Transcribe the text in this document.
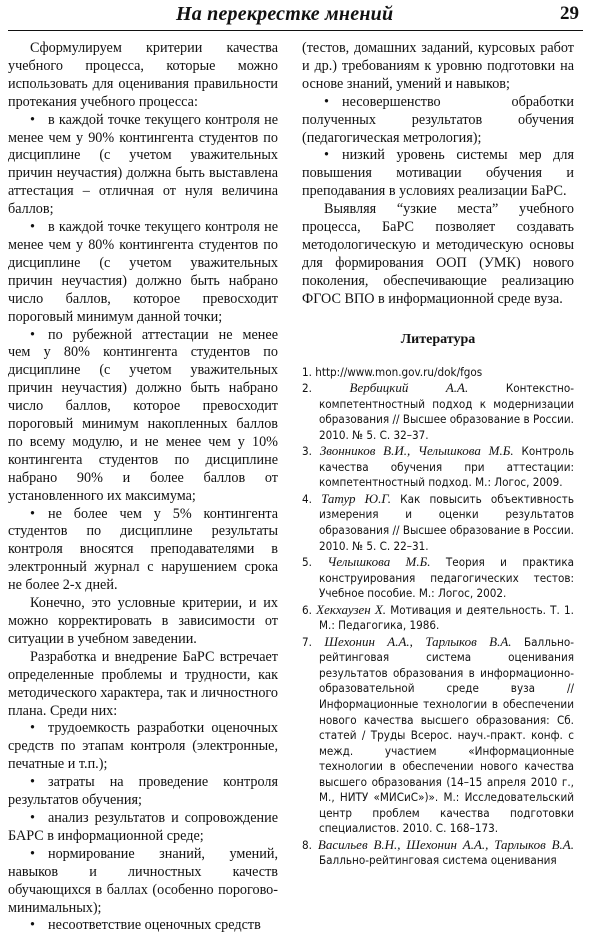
На перекрестке мнений	29

Сформулируем критерии качества учебного процесса, которые можно использовать для оценивания правильности протекания учебного процесса:

• в каждой точке текущего контроля не менее чем у 90% контингента студентов по дисциплине (с учетом уважительных причин неучастия) должна быть выставлена аттестация – отличная от нуля величина баллов;

• в каждой точке текущего контроля не менее чем у 80% контингента студентов по дисциплине (с учетом уважительных причин неучастия) должно быть набрано число баллов, которое превосходит пороговый минимум данной точки;

• по рубежной аттестации не менее чем у 80% контингента студентов по дисциплине (с учетом уважительных причин неучастия) должно быть набрано число баллов, которое превосходит пороговый минимум накопленных баллов по всему модулю, и не менее чем у 10% контингента студентов по дисциплине набрано 90% и более баллов от установленного их максимума;

• не более чем у 5% контингента студентов по дисциплине результаты контроля вносятся преподавателями в электронный журнал с нарушением срока не более 2-х дней.

Конечно, это условные критерии, и их можно корректировать в зависимости от ситуации в учебном заведении.

Разработка и внедрение БаРС встречает определенные проблемы и трудности, как методического характера, так и личностного плана. Среди них:

• трудоемкость разработки оценочных средств по этапам контроля (электронные, печатные и т.п.);

• затраты на проведение контроля результатов обучения;

• анализ результатов и сопровождение БАРС в информационной среде;

• нормирование знаний, умений, навыков и личностных качеств обучающихся в баллах (особенно порогово-минимальных);

• несоответствие оценочных средств

(тестов, домашних заданий, курсовых работ и др.) требованиям к уровню подготовки на основе знаний, умений и навыков;

• несовершенство обработки полученных результатов обучения (педагогическая метрология);

• низкий уровень системы мер для повышения мотивации обучения и преподавания в условиях реализации БаРС.

Выявляя “узкие места” учебного процесса, БаРС позволяет создавать методологическую и методическую основы для формирования ООП (УМК) нового поколения, обеспечивающие реализацию ФГОС ВПО в информационной среде вуза.

Литература

1. http://www.mon.gov.ru/dok/fgos

2.	Вербицкий А.А. Контекстно-компетентностный подход к модернизации образования // Высшее образование в России. 2010. № 5. С. 32–37.

3. Звонников В.И., Челышкова М.Б. Контроль качества обучения при аттестации: компетентностный подход. М.: Логос, 2009.

4. Татур Ю.Г. Как повысить объективность измерения и оценки результатов образования // Высшее образование в России. 2010. № 5. С. 22–31.

5. Челышкова М.Б. Теория и практика конструирования педагогических тестов: Учебное пособие. М.: Логос, 2002.

6. Хекхаузен Х. Мотивация и деятельность. Т. 1. М.: Педагогика, 1986.

7. Шехонин А.А., Тарлыков В.А. Балльно-рейтинговая система оценивания результатов образования в информационно-образовательной среде вуза // Информационные технологии в обеспечении нового качества высшего образования: Сб. статей / Труды Всерос. науч.-практ. конф. с межд. участием «Информационные технологии в обеспечении нового качества высшего образования (14–15 апреля 2010 г., М., НИТУ «МИСиС»)». М.: Исследовательский центр проблем качества подготовки специалистов. 2010. С. 168–173.

8. Васильев В.Н., Шехонин А.А., Тарлыков В.А. Балльно-рейтинговая система оценивания
